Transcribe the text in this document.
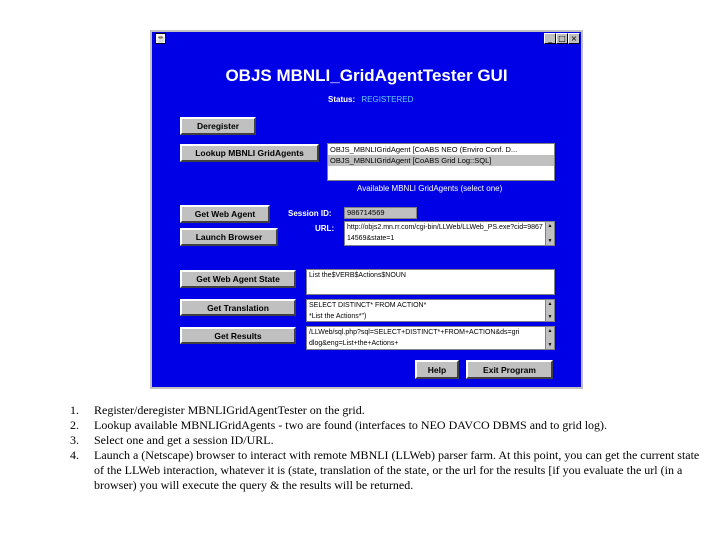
☕	_ □ ×
OBJS MBNLI_GridAgentTester GUI
Status: REGISTERED
Deregister
Lookup MBNLI GridAgents	OBJS_MBNLIGridAgent [CoABS NEO (Enviro Conf. D...
OBJS_MBNLIGridAgent [CoABS Grid Log::SQL]
Available MBNLI GridAgents (select one)
Get Web Agent	Session ID: 986714569
Launch Browser
URL: http://objs2.mn.rr.com/cgi-bin/LLWeb/LLWeb_PS.exe?cid=9867
14569&state=1
▲
▼
Get Web Agent State	List the$VERB$Actions$NOUN
Get Translation	SELECT DISTINCT* FROM ACTION*
*List the Actions*")
▲
▼
Get Results	/LLWeb/sql.php?sql=SELECT+DISTINCT*+FROM+ACTION&ds=gri
dlog&eng=List+the+Actions+
▲
▼
Help	Exit Program
1.	Register/deregister MBNLIGridAgentTester on the grid.
2.	Lookup available MBNLIGridAgents - two are found (interfaces to NEO DAVCO DBMS and to grid log).
3.	Select one and get a session ID/URL.
4.	Launch a (Netscape) browser to interact with remote MBNLI (LLWeb) parser farm. At this point, you can get the current state of the LLWeb interaction, whatever it is (state, translation of the state, or the url for the results [if you evaluate the url (in a browser) you will execute the query & the results will be returned.
